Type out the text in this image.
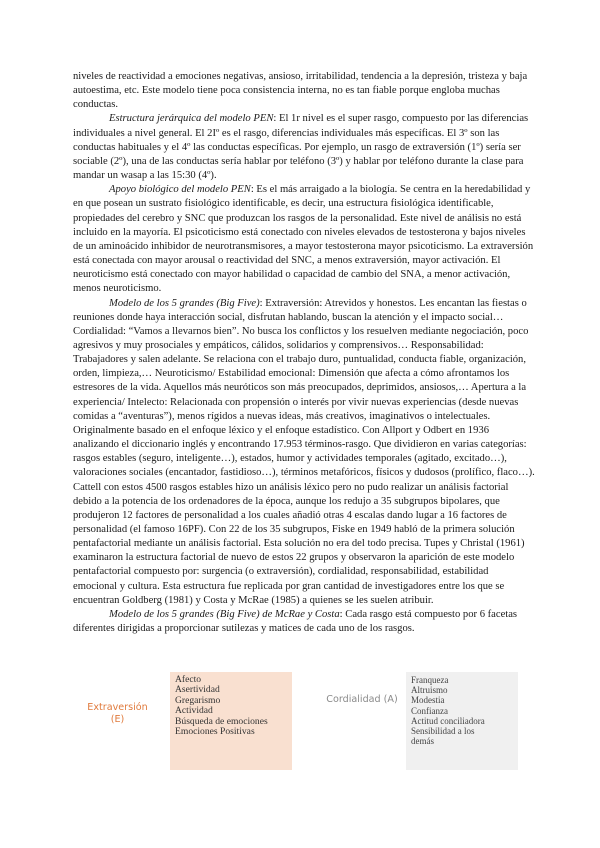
niveles de reactividad a emociones negativas, ansioso, irritabilidad, tendencia a la depresión, tristeza y baja autoestima, etc. Este modelo tiene poca consistencia interna, no es tan fiable porque engloba muchas conductas.

Estructura jerárquica del modelo PEN: El 1r nivel es el super rasgo, compuesto por las diferencias individuales a nivel general. El 2Iº es el rasgo, diferencias individuales más específicas. El 3º son las conductas habituales y el 4º las conductas específicas. Por ejemplo, un rasgo de extraversión (1º) sería ser sociable (2º), una de las conductas sería hablar por teléfono (3º) y hablar por teléfono durante la clase para mandar un wasap a las 15:30 (4º).

Apoyo biológico del modelo PEN: Es el más arraigado a la biología. Se centra en la heredabilidad y en que posean un sustrato fisiológico identificable, es decir, una estructura fisiológica identificable, propiedades del cerebro y SNC que produzcan los rasgos de la personalidad. Este nivel de análisis no está incluido en la mayoría. El psicoticismo está conectado con niveles elevados de testosterona y bajos niveles de un aminoácido inhibidor de neurotransmisores, a mayor testosterona mayor psicoticismo. La extraversión está conectada con mayor arousal o reactividad del SNC, a menos extraversión, mayor activación. El neuroticismo está conectado con mayor habilidad o capacidad de cambio del SNA, a menor activación, menos neuroticismo.

Modelo de los 5 grandes (Big Five): Extraversión: Atrevidos y honestos. Les encantan las fiestas o reuniones donde haya interacción social, disfrutan hablando, buscan la atención y el impacto social… Cordialidad: “Vamos a llevarnos bien”. No busca los conflictos y los resuelven mediante negociación, poco agresivos y muy prosociales y empáticos, cálidos, solidarios y comprensivos… Responsabilidad: Trabajadores y salen adelante. Se relaciona con el trabajo duro, puntualidad, conducta fiable, organización, orden, limpieza,… Neuroticismo/ Estabilidad emocional: Dimensión que afecta a cómo afrontamos los estresores de la vida. Aquellos más neuróticos son más preocupados, deprimidos, ansiosos,… Apertura a la experiencia/ Intelecto: Relacionada con propensión o interés por vivir nuevas experiencias (desde nuevas comidas a “aventuras”), menos rígidos a nuevas ideas, más creativos, imaginativos o intelectuales.

Originalmente basado en el enfoque léxico y el enfoque estadístico. Con Allport y Odbert en 1936 analizando el diccionario inglés y encontrando 17.953 términos-rasgo. Que dividieron en varias categorías: rasgos estables (seguro, inteligente…), estados, humor y actividades temporales (agitado, excitado…), valoraciones sociales (encantador, fastidioso…), términos metafóricos, físicos y dudosos (prolífico, flaco…). Cattell con estos 4500 rasgos estables hizo un análisis léxico pero no pudo realizar un análisis factorial debido a la potencia de los ordenadores de la época, aunque los redujo a 35 subgrupos bipolares, que produjeron 12 factores de personalidad a los cuales añadió otras 4 escalas dando lugar a 16 factores de personalidad (el famoso 16PF). Con 22 de los 35 subgrupos, Fiske en 1949 habló de la primera solución pentafactorial mediante un análisis factorial. Esta solución no era del todo precisa. Tupes y Christal (1961) examinaron la estructura factorial de nuevo de estos 22 grupos y observaron la aparición de este modelo pentafactorial compuesto por: surgencia (o extraversión), cordialidad, responsabilidad, estabilidad emocional y cultura. Esta estructura fue replicada por gran cantidad de investigadores entre los que se encuentran Goldberg (1981) y Costa y McRae (1985) a quienes se les suelen atribuir.

Modelo de los 5 grandes (Big Five) de McRae y Costa: Cada rasgo está compuesto por 6 facetas diferentes dirigidas a proporcionar sutilezas y matices de cada uno de los rasgos.

Extraversión
(E)
Afecto
Asertividad
Gregarismo
Actividad
Búsqueda de emociones
Emociones Positivas
Cordialidad (A)
Franqueza
Altruismo
Modestia
Confianza
Actitud conciliadora
Sensibilidad a los
demás
